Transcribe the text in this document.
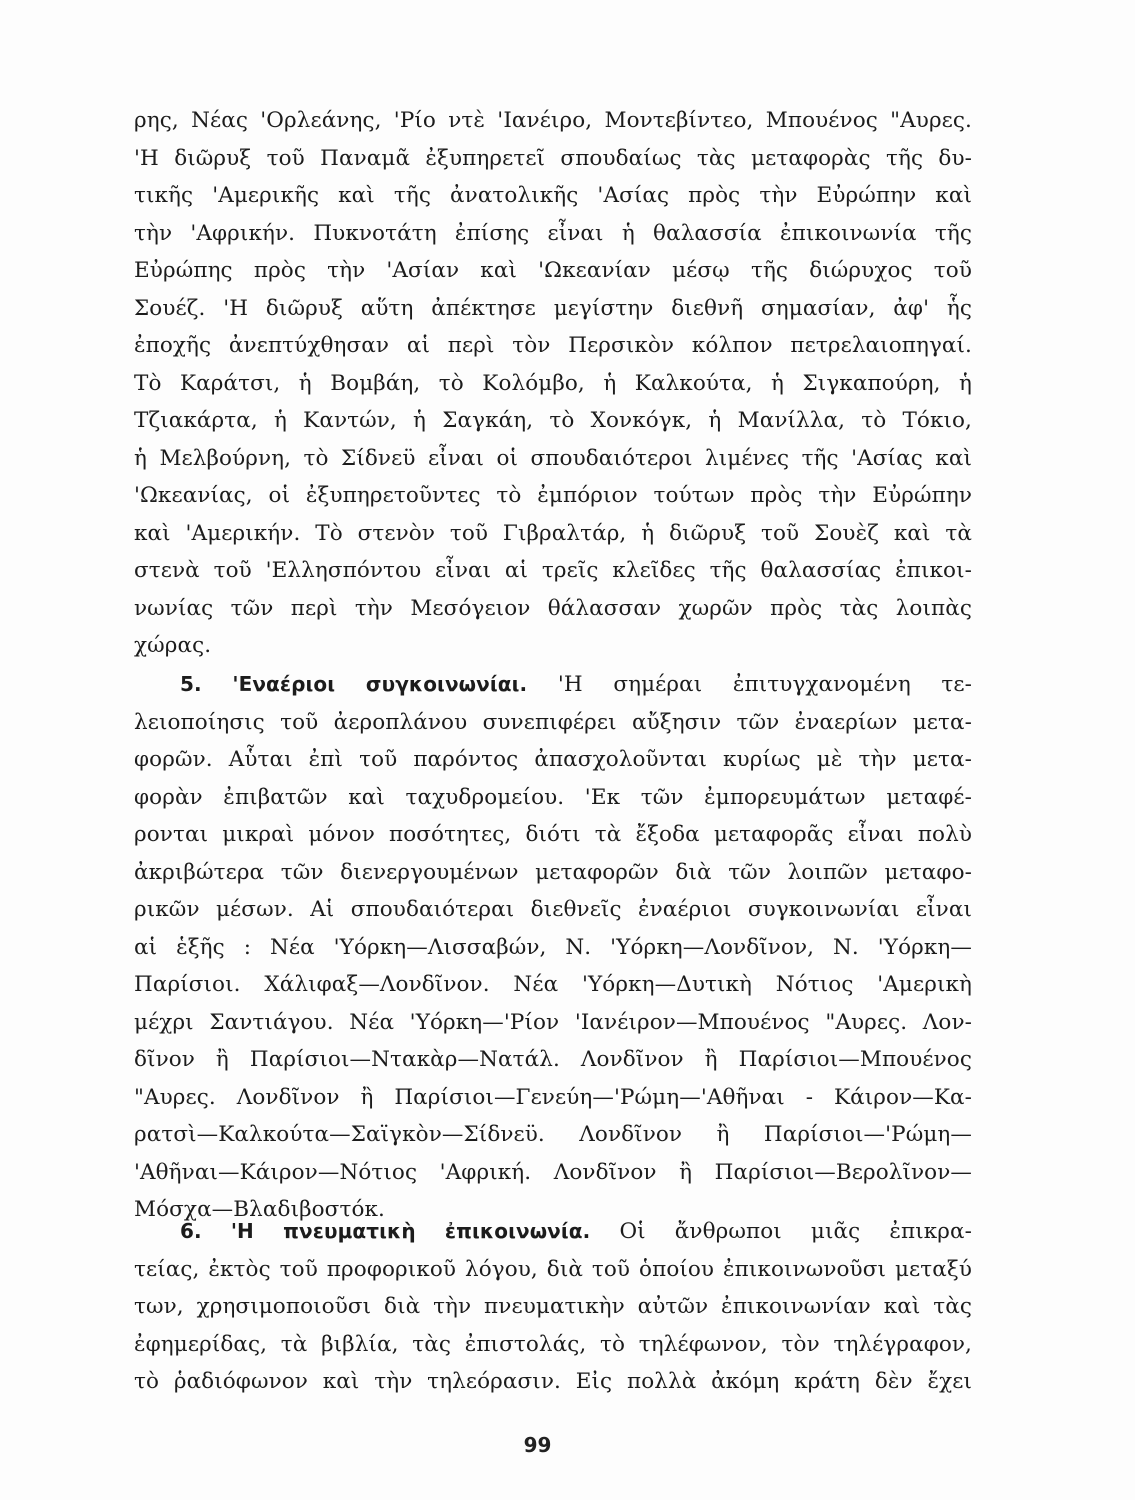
ρης, Νέας 'Ορλεάνης, 'Ρίο ντὲ 'Ιανέιρο, Μοντεβίντεο, Μπουένος "Αυρες.
'Η διῶρυξ τοῦ Παναμᾶ ἐξυπηρετεῖ σπουδαίως τὰς μεταφορὰς τῆς δυ-
τικῆς 'Αμερικῆς καὶ τῆς ἀνατολικῆς 'Ασίας πρὸς τὴν Εὐρώπην καὶ
τὴν 'Αφρικήν. Πυκνοτάτη ἐπίσης εἶναι ἡ θαλασσία ἐπικοινωνία τῆς
Εὐρώπης πρὸς τὴν 'Ασίαν καὶ 'Ωκεανίαν μέσῳ τῆς διώρυχος τοῦ
Σουέζ. 'Η διῶρυξ αὕτη ἀπέκτησε μεγίστην διεθνῆ σημασίαν, ἀφ' ἧς
ἐποχῆς ἀνεπτύχθησαν αἱ περὶ τὸν Περσικὸν κόλπον πετρελαιοπηγαί.
Τὸ Καράτσι, ἡ Βομβάη, τὸ Κολόμβο, ἡ Καλκούτα, ἡ Σιγκαπούρη, ἡ
Τζιακάρτα, ἡ Καντών, ἡ Σαγκάη, τὸ Χονκόγκ, ἡ Μανίλλα, τὸ Τόκιο,
ἡ Μελβούρνη, τὸ Σίδνεϋ εἶναι οἱ σπουδαιότεροι λιμένες τῆς 'Ασίας καὶ
'Ωκεανίας, οἱ ἐξυπηρετοῦντες τὸ ἐμπόριον τούτων πρὸς τὴν Εὐρώπην
καὶ 'Αμερικήν. Τὸ στενὸν τοῦ Γιβραλτάρ, ἡ διῶρυξ τοῦ Σουὲζ καὶ τὰ
στενὰ τοῦ 'Ελλησπόντου εἶναι αἱ τρεῖς κλεῖδες τῆς θαλασσίας ἐπικοι-
νωνίας τῶν περὶ τὴν Μεσόγειον θάλασσαν χωρῶν πρὸς τὰς λοιπὰς
χώρας.
5. 'Εναέριοι συγκοινωνίαι. 'Η σημέραι ἐπιτυγχανομένη τε-
λειοποίησις τοῦ ἀεροπλάνου συνεπιφέρει αὔξησιν τῶν ἐναερίων μετα-
φορῶν. Αὗται ἐπὶ τοῦ παρόντος ἀπασχολοῦνται κυρίως μὲ τὴν μετα-
φορὰν ἐπιβατῶν καὶ ταχυδρομείου. 'Εκ τῶν ἐμπορευμάτων μεταφέ-
ρονται μικραὶ μόνον ποσότητες, διότι τὰ ἔξοδα μεταφορᾶς εἶναι πολὺ
ἀκριβώτερα τῶν διενεργουμένων μεταφορῶν διὰ τῶν λοιπῶν μεταφο-
ρικῶν μέσων. Αἱ σπουδαιότεραι διεθνεῖς ἐναέριοι συγκοινωνίαι εἶναι
αἱ ἑξῆς : Νέα 'Υόρκη—Λισσαβών, Ν. 'Υόρκη—Λονδῖνον, Ν. 'Υόρκη—
Παρίσιοι. Χάλιφαξ—Λονδῖνον. Νέα 'Υόρκη—Δυτικὴ Νότιος 'Αμερικὴ
μέχρι Σαντιάγου. Νέα 'Υόρκη—'Ρίον 'Ιανέιρον—Μπουένος "Αυρες. Λον-
δῖνον ἢ Παρίσιοι—Ντακὰρ—Νατάλ. Λονδῖνον ἢ Παρίσιοι—Μπουένος
"Αυρες. Λονδῖνον ἢ Παρίσιοι—Γενεύη—'Ρώμη—'Αθῆναι - Κάιρον—Κα-
ρατσὶ—Καλκούτα—Σαϊγκὸν—Σίδνεϋ. Λονδῖνον ἢ Παρίσιοι—'Ρώμη—
'Αθῆναι—Κάιρον—Νότιος 'Αφρική. Λονδῖνον ἢ Παρίσιοι—Βερολῖνον—
Μόσχα—Βλαδιβοστόκ.
6. 'Η πνευματικὴ ἐπικοινωνία. Οἱ ἄνθρωποι μιᾶς ἐπικρα-
τείας, ἐκτὸς τοῦ προφορικοῦ λόγου, διὰ τοῦ ὁποίου ἐπικοινωνοῦσι μεταξύ
των, χρησιμοποιοῦσι διὰ τὴν πνευματικὴν αὐτῶν ἐπικοινωνίαν καὶ τὰς
ἐφημερίδας, τὰ βιβλία, τὰς ἐπιστολάς, τὸ τηλέφωνον, τὸν τηλέγραφον,
τὸ ῥαδιόφωνον καὶ τὴν τηλεόρασιν. Εἰς πολλὰ ἀκόμη κράτη δὲν ἔχει
99
